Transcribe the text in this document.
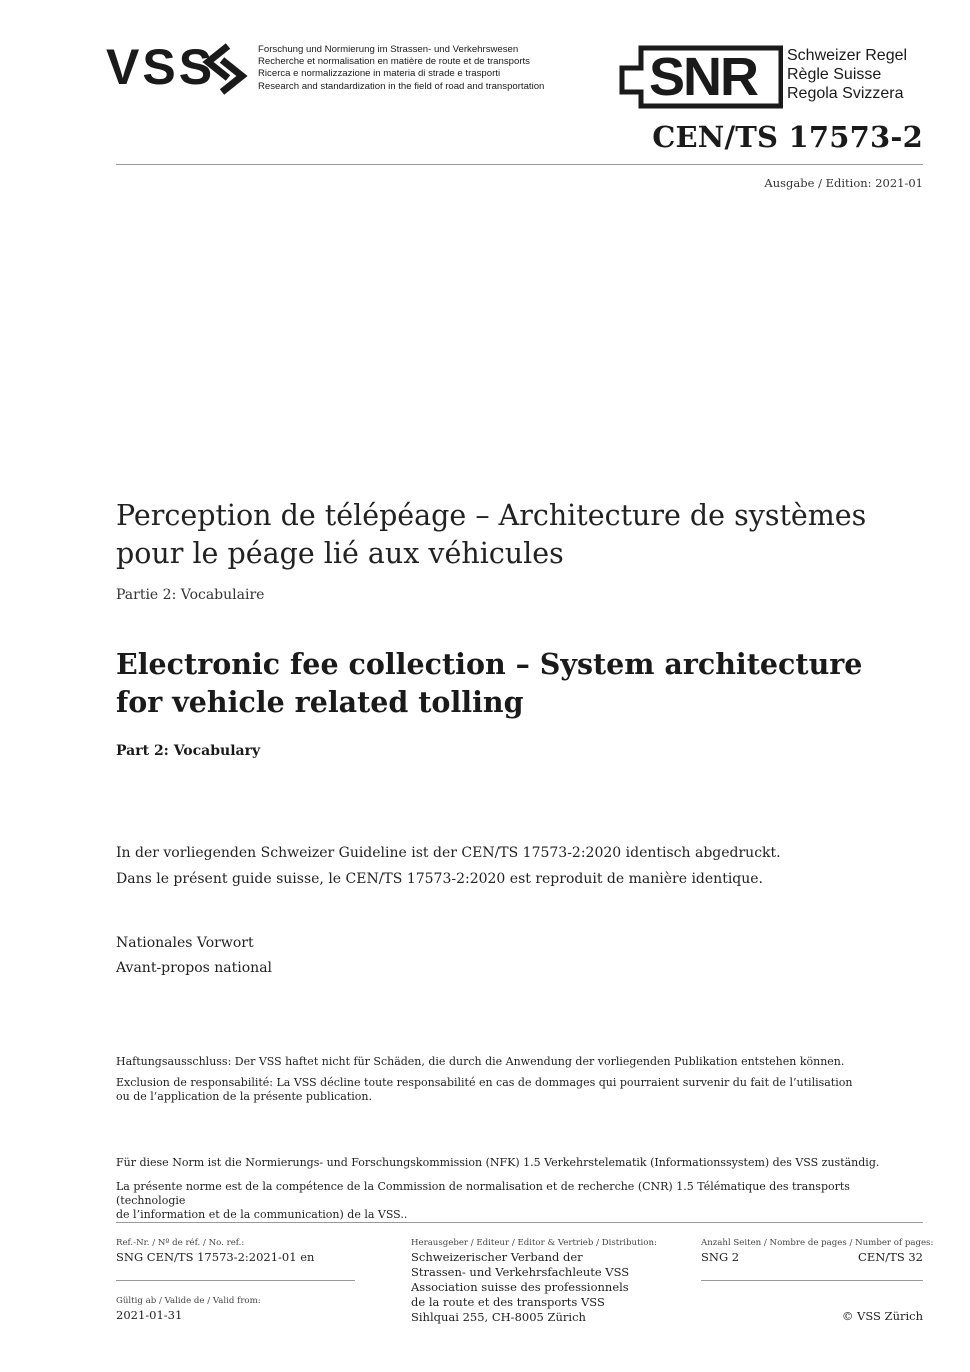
VSS	Forschung und Normierung im Strassen- und Verkehrswesen
Recherche et normalisation en matière de route et de transports
Ricerca e normalizzazione in materia di strade e trasporti
Research and standardization in the field of road and transportation SNR Schweizer Regel
Règle Suisse
Regola Svizzera
CEN/TS 17573-2
Ausgabe / Edition: 2021-01
Perception de télépéage – Architecture de systèmes
pour le péage lié aux véhicules
Partie 2: Vocabulaire
Electronic fee collection – System architecture
for vehicle related tolling
Part 2: Vocabulary
In der vorliegenden Schweizer Guideline ist der CEN/TS 17573-2:2020 identisch abgedruckt.
Dans le présent guide suisse, le CEN/TS 17573-2:2020 est reproduit de manière identique.
Nationales Vorwort
Avant-propos national
Haftungsausschluss: Der VSS haftet nicht für Schäden, die durch die Anwendung der vorliegenden Publikation entstehen können.
Exclusion de responsabilité: La VSS décline toute responsabilité en cas de dommages qui pourraient survenir du fait de l’utilisation
ou de l’application de la présente publication.
Für diese Norm ist die Normierungs- und Forschungskommission (NFK) 1.5 Verkehrstelematik (Informationssystem) des VSS zuständig.
La présente norme est de la compétence de la Commission de normalisation et de recherche (CNR) 1.5 Télématique des transports (technologie
de l’information et de la communication) de la VSS..
Ref.-Nr. / Nº de réf. / No. ref.:
SNG CEN/TS 17573-2:2021-01 en
Gültig ab / Valide de / Valid from:
2021-01-31
Herausgeber / Editeur / Editor & Vertrieb / Distribution:
Schweizerischer Verband der
Strassen- und Verkehrsfachleute VSS
Association suisse des professionnels
de la route et des transports VSS
Sihlquai 255, CH-8005 Zürich
Anzahl Seiten / Nombre de pages / Number of pages:
SNG 2	CEN/TS 32
© VSS Zürich
